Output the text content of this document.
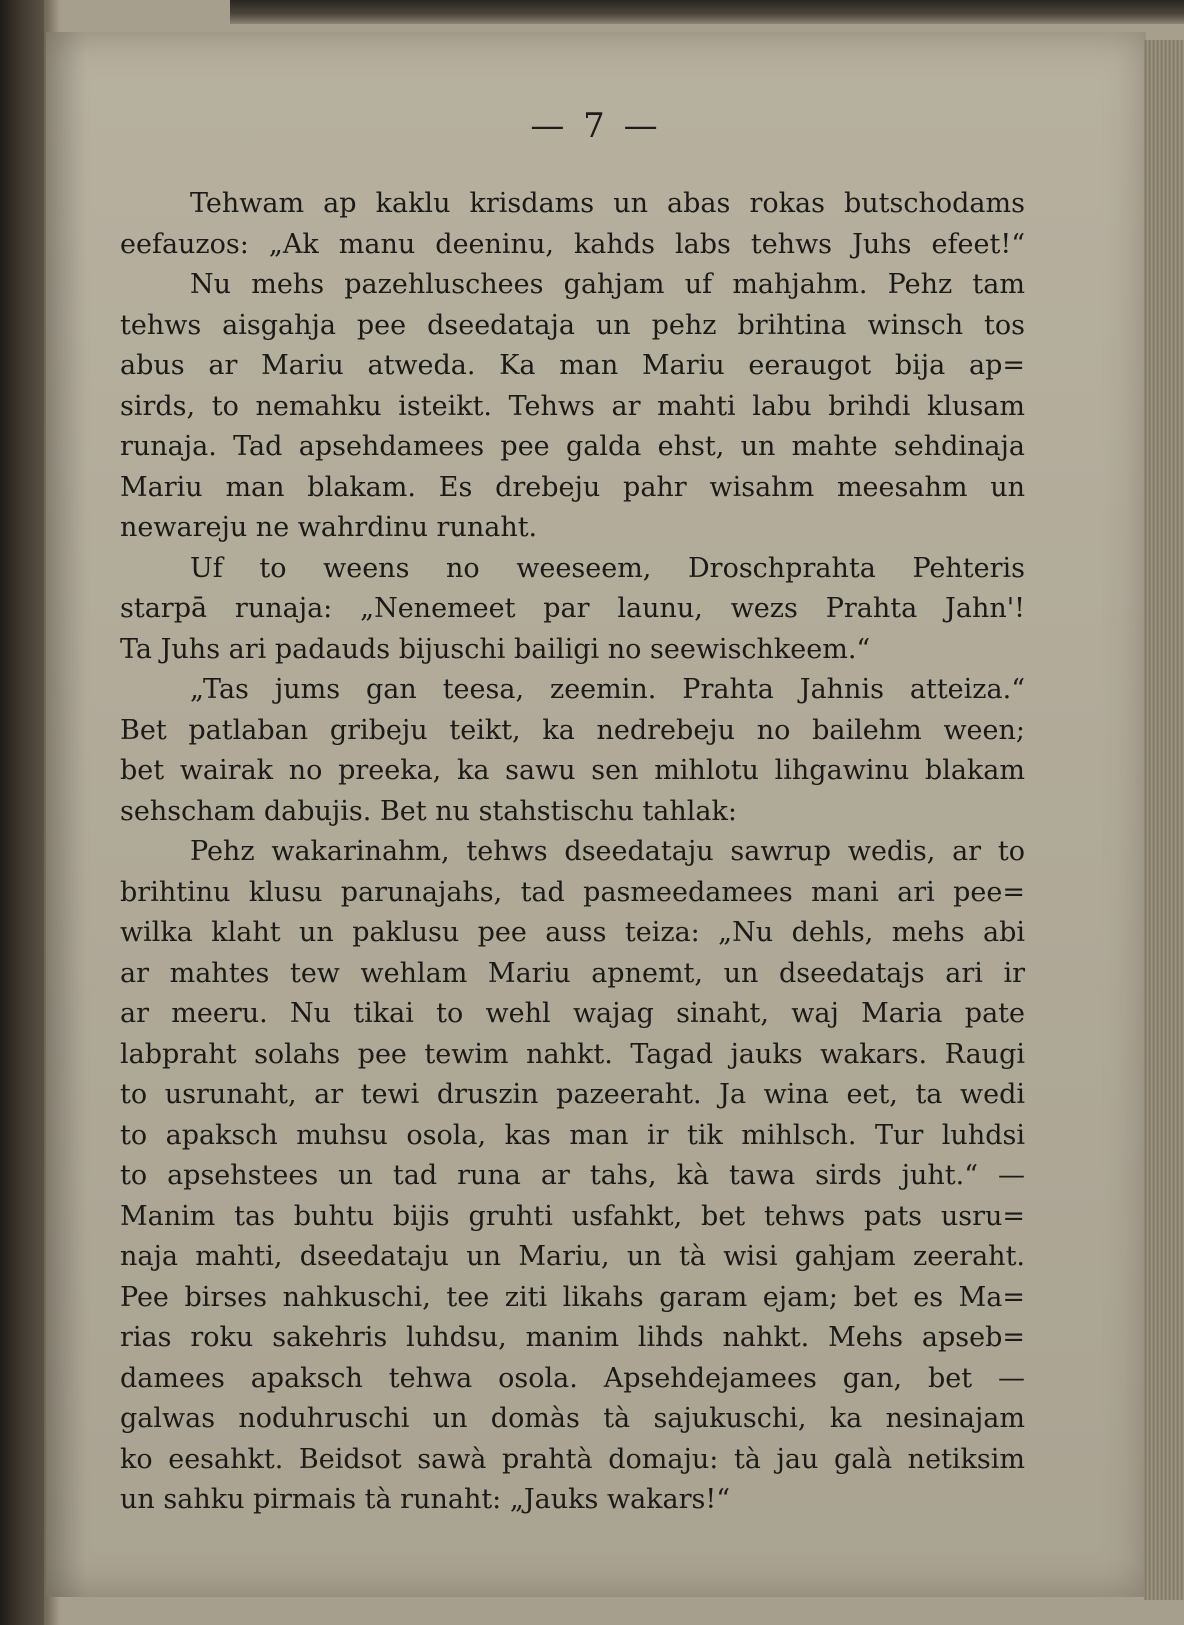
— 7 —
Tehwam ap kaklu krisdams un abas rokas butschodams
eefauzos: „Ak manu deeninu, kahds labs tehws Juhs efeet!“
Nu mehs pazehluschees gahjam uf mahjahm. Pehz tam
tehws aisgahja pee dseedataja un pehz brihtina winsch tos
abus ar Mariu atweda. Ka man Mariu eeraugot bija ap=
sirds, to nemahku isteikt. Tehws ar mahti labu brihdi klusam
runaja. Tad apsehdamees pee galda ehst, un mahte sehdinaja
Mariu man blakam. Es drebeju pahr wisahm meesahm un
newareju ne wahrdinu runaht.
Uf to weens no weeseem, Droschprahta Pehteris
starpā runaja: „Nenemeet par launu, wezs Prahta Jahn'!
Ta Juhs ari padauds bijuschi bailigi no seewischkeem.“
„Tas jums gan teesa, zeemin. Prahta Jahnis atteiza.“
Bet patlaban gribeju teikt, ka nedrebeju no bailehm ween;
bet wairak no preeka, ka sawu sen mihlotu lihgawinu blakam
sehscham dabujis. Bet nu stahstischu tahlak:
Pehz wakarinahm, tehws dseedataju sawrup wedis, ar to
brihtinu klusu parunajahs, tad pasmeedamees mani ari pee=
wilka klaht un paklusu pee auss teiza: „Nu dehls, mehs abi
ar mahtes tew wehlam Mariu apnemt, un dseedatajs ari ir
ar meeru. Nu tikai to wehl wajag sinaht, waj Maria pate
labpraht solahs pee tewim nahkt. Tagad jauks wakars. Raugi
to usrunaht, ar tewi druszin pazeeraht. Ja wina eet, ta wedi
to apaksch muhsu osola, kas man ir tik mihlsch. Tur luhdsi
to apsehstees un tad runa ar tahs, kà tawa sirds juht.“ —
Manim tas buhtu bijis gruhti usfahkt, bet tehws pats usru=
naja mahti, dseedataju un Mariu, un tà wisi gahjam zeeraht.
Pee birses nahkuschi, tee ziti likahs garam ejam; bet es Ma=
rias roku sakehris luhdsu, manim lihds nahkt. Mehs apseb=
damees apaksch tehwa osola. Apsehdejamees gan, bet —
galwas noduhruschi un domàs tà sajukuschi, ka nesinajam
ko eesahkt. Beidsot sawà prahtà domaju: tà jau galà netiksim
un sahku pirmais tà runaht: „Jauks wakars!“
